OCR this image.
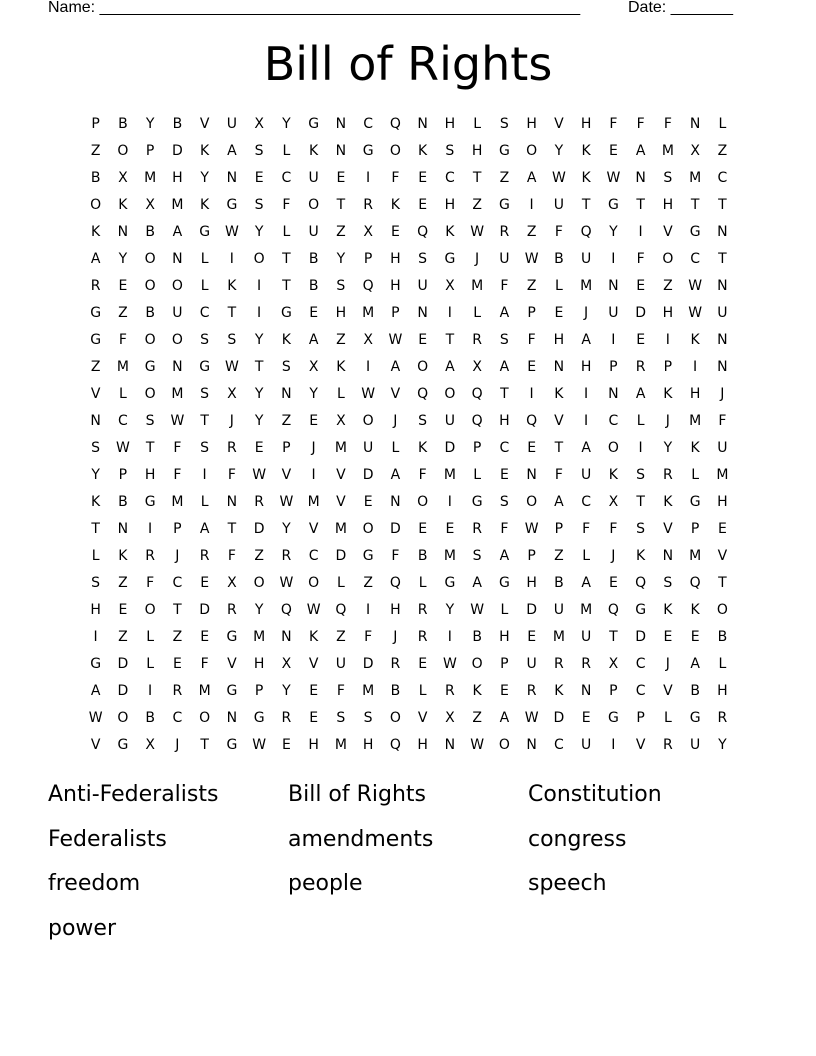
Name: ______________________________________________________	Date: _______
Bill of Rights
P	B	Y	B	V	U	X	Y	G	N	C	Q	N	H	L	S	H	V	H	F	F	F	N	L
Z	O	P	D	K	A	S	L	K	N	G	O	K	S	H	G	O	Y	K	E	A	M	X	Z
B	X	M	H	Y	N	E	C	U	E	I	F	E	C	T	Z	A	W	K	W	N	S	M	C
O	K	X	M	K	G	S	F	O	T	R	K	E	H	Z	G	I	U	T	G	T	H	T	T
K	N	B	A	G	W	Y	L	U	Z	X	E	Q	K	W	R	Z	F	Q	Y	I	V	G	N
A	Y	O	N	L	I	O	T	B	Y	P	H	S	G	J	U	W	B	U	I	F	O	C	T
R	E	O	O	L	K	I	T	B	S	Q	H	U	X	M	F	Z	L	M	N	E	Z	W	N
G	Z	B	U	C	T	I	G	E	H	M	P	N	I	L	A	P	E	J	U	D	H	W	U
G	F	O	O	S	S	Y	K	A	Z	X	W	E	T	R	S	F	H	A	I	E	I	K	N
Z	M	G	N	G	W	T	S	X	K	I	A	O	A	X	A	E	N	H	P	R	P	I	N
V	L	O	M	S	X	Y	N	Y	L	W	V	Q	O	Q	T	I	K	I	N	A	K	H	J
N	C	S	W	T	J	Y	Z	E	X	O	J	S	U	Q	H	Q	V	I	C	L	J	M	F
S	W	T	F	S	R	E	P	J	M	U	L	K	D	P	C	E	T	A	O	I	Y	K	U
Y	P	H	F	I	F	W	V	I	V	D	A	F	M	L	E	N	F	U	K	S	R	L	M
K	B	G	M	L	N	R	W	M	V	E	N	O	I	G	S	O	A	C	X	T	K	G	H
T	N	I	P	A	T	D	Y	V	M	O	D	E	E	R	F	W	P	F	F	S	V	P	E
L	K	R	J	R	F	Z	R	C	D	G	F	B	M	S	A	P	Z	L	J	K	N	M	V
S	Z	F	C	E	X	O	W	O	L	Z	Q	L	G	A	G	H	B	A	E	Q	S	Q	T
H	E	O	T	D	R	Y	Q	W	Q	I	H	R	Y	W	L	D	U	M	Q	G	K	K	O
I	Z	L	Z	E	G	M	N	K	Z	F	J	R	I	B	H	E	M	U	T	D	E	E	B
G	D	L	E	F	V	H	X	V	U	D	R	E	W	O	P	U	R	R	X	C	J	A	L
A	D	I	R	M	G	P	Y	E	F	M	B	L	R	K	E	R	K	N	P	C	V	B	H
W	O	B	C	O	N	G	R	E	S	S	O	V	X	Z	A	W	D	E	G	P	L	G	R
V	G	X	J	T	G	W	E	H	M	H	Q	H	N	W	O	N	C	U	I	V	R	U	Y
Anti-Federalists	Bill of Rights	Constitution
Federalists	amendments	congress
freedom	people	speech
power
